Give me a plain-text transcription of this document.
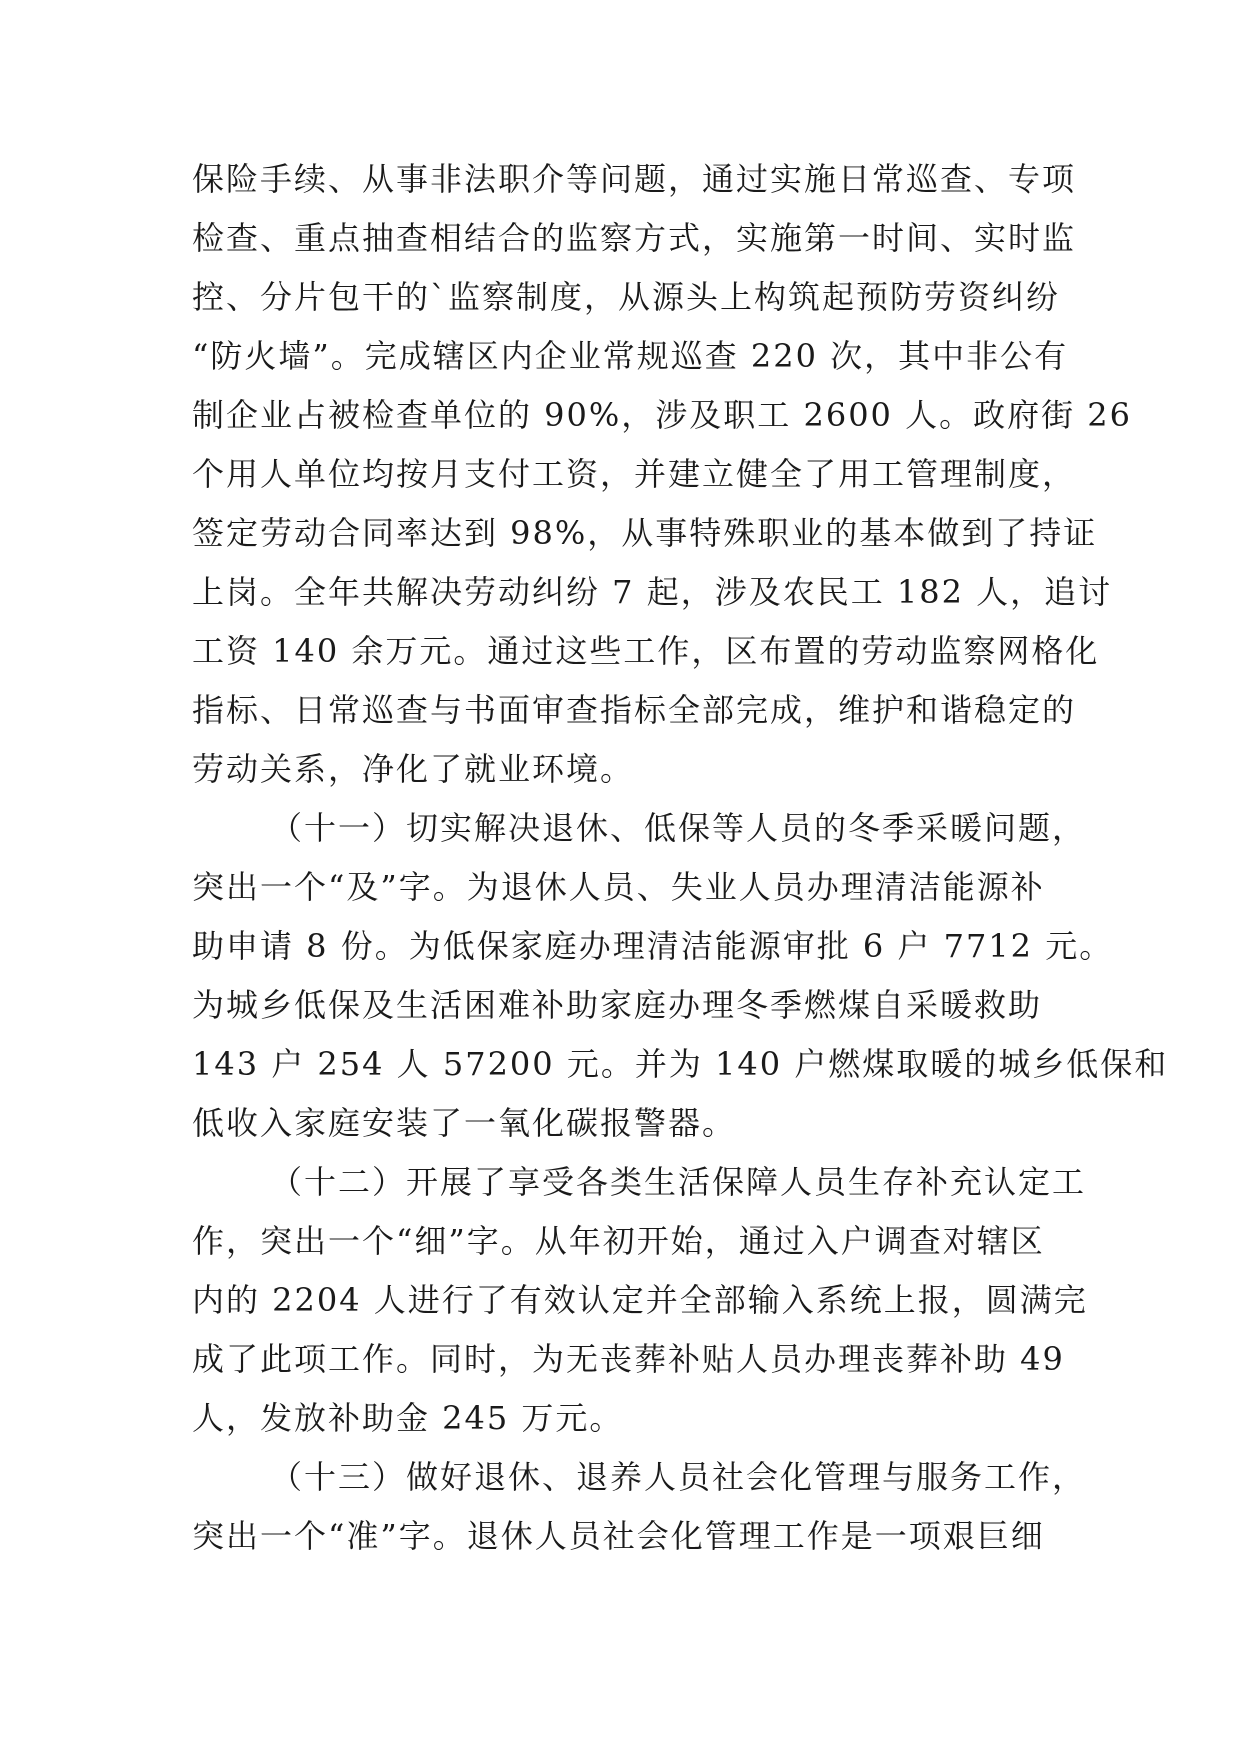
保险手续、从事非法职介等问题，通过实施日常巡查、专项
检查、重点抽查相结合的监察方式，实施第一时间、实时监
控、分片包干的`监察制度，从源头上构筑起预防劳资纠纷
“防火墙”。完成辖区内企业常规巡查 220 次，其中非公有
制企业占被检查单位的 90%，涉及职工 2600 人。政府街 26
个用人单位均按月支付工资，并建立健全了用工管理制度，
签定劳动合同率达到 98%，从事特殊职业的基本做到了持证
上岗。全年共解决劳动纠纷 7 起，涉及农民工 182 人，追讨
工资 140 余万元。通过这些工作，区布置的劳动监察网格化
指标、日常巡查与书面审查指标全部完成，维护和谐稳定的
劳动关系，净化了就业环境。
（十一）切实解决退休、低保等人员的冬季采暖问题，
突出一个“及”字。为退休人员、失业人员办理清洁能源补
助申请 8 份。为低保家庭办理清洁能源审批 6 户 7712 元。
为城乡低保及生活困难补助家庭办理冬季燃煤自采暖救助
143 户 254 人 57200 元。并为 140 户燃煤取暖的城乡低保和
低收入家庭安装了一氧化碳报警器。
（十二）开展了享受各类生活保障人员生存补充认定工
作，突出一个“细”字。从年初开始，通过入户调查对辖区
内的 2204 人进行了有效认定并全部输入系统上报，圆满完
成了此项工作。同时，为无丧葬补贴人员办理丧葬补助 49
人，发放补助金 245 万元。
（十三）做好退休、退养人员社会化管理与服务工作，
突出一个“准”字。退休人员社会化管理工作是一项艰巨细
